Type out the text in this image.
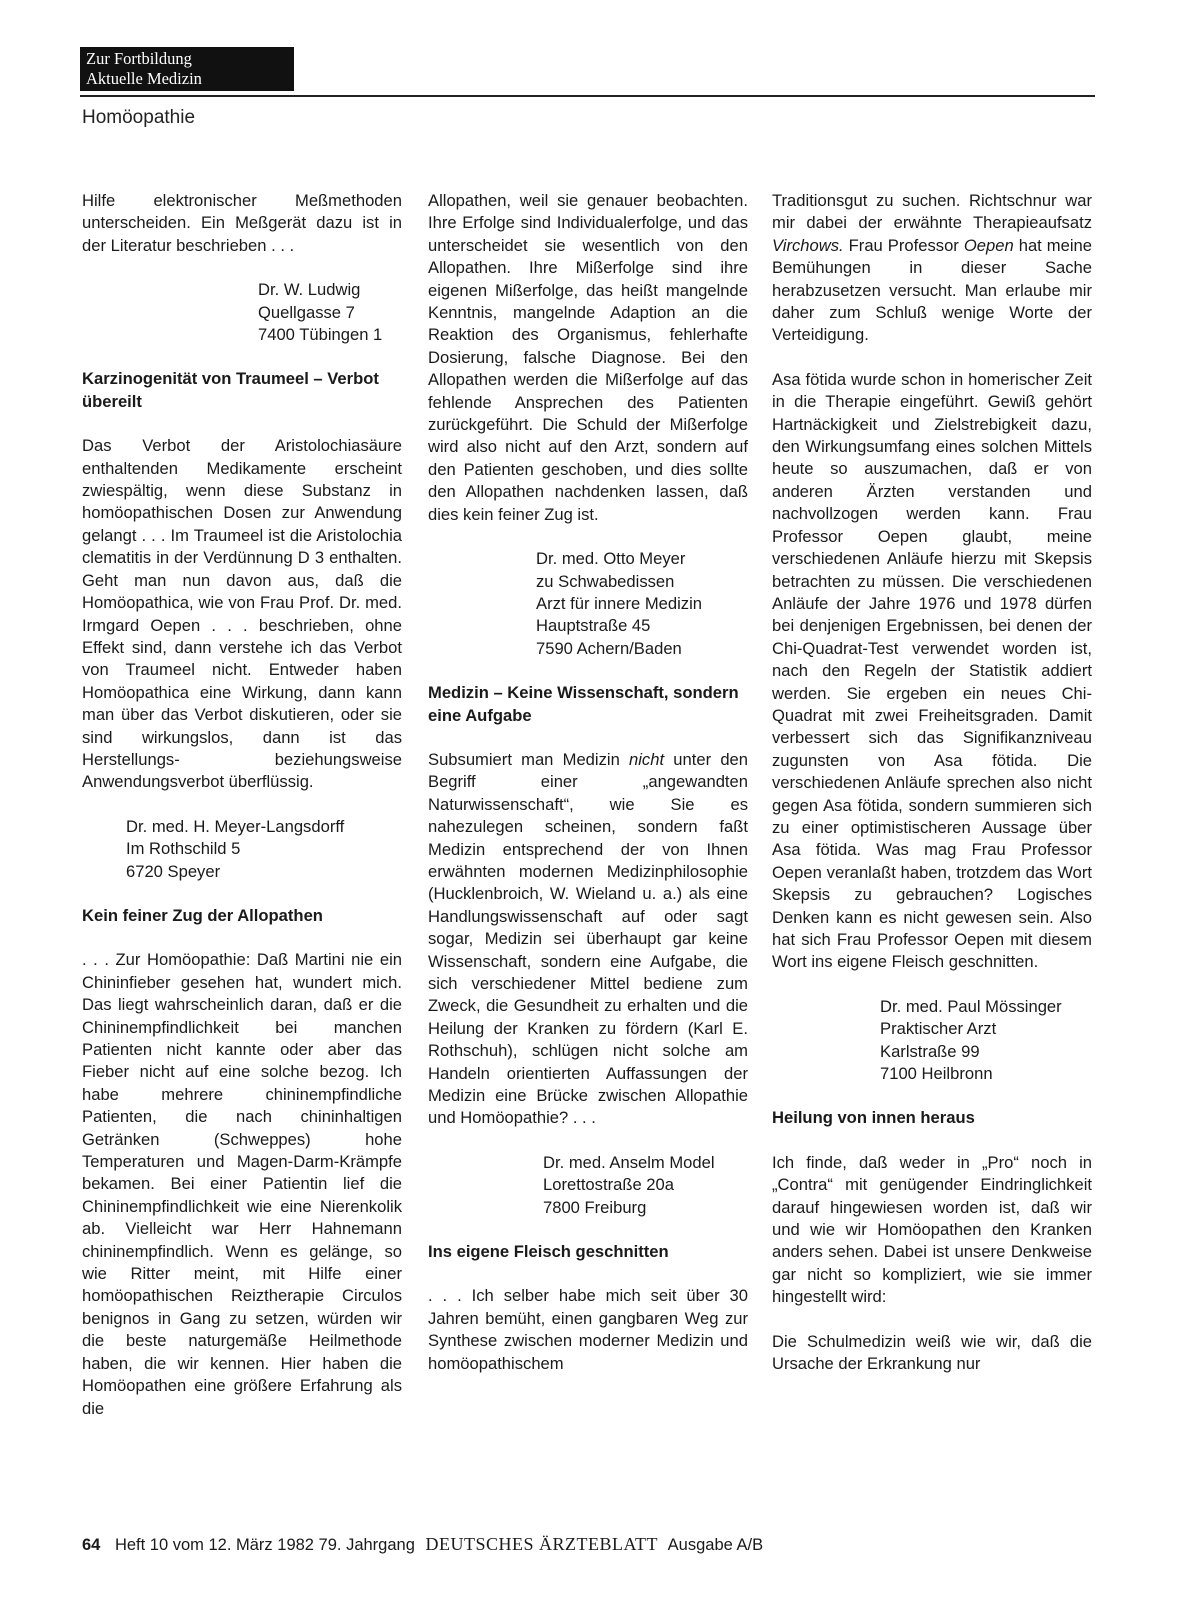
Zur Fortbildung
Aktuelle Medizin
Homöopathie

Hilfe elektronischer Meßmethoden unterscheiden. Ein Meßgerät dazu ist in der Literatur beschrieben . . .

Dr. W. Ludwig
Quellgasse 7
7400 Tübingen 1
Karzinogenität von Traumeel – Verbot übereilt

Das Verbot der Aristolochiasäure enthaltenden Medikamente erscheint zwiespältig, wenn diese Substanz in homöopathischen Dosen zur Anwendung gelangt . . . Im Traumeel ist die Aristolochia clematitis in der Verdünnung D 3 enthalten. Geht man nun davon aus, daß die Homöopathica, wie von Frau Prof. Dr. med. Irmgard Oepen . . . beschrieben, ohne Effekt sind, dann verstehe ich das Verbot von Traumeel nicht. Entweder haben Homöopathica eine Wirkung, dann kann man über das Verbot diskutieren, oder sie sind wirkungslos, dann ist das Herstellungs- beziehungsweise Anwendungsverbot überflüssig.

Dr. med. H. Meyer-Langsdorff
Im Rothschild 5
6720 Speyer
Kein feiner Zug der Allopathen

. . . Zur Homöopathie: Daß Martini nie ein Chininfieber gesehen hat, wundert mich. Das liegt wahrscheinlich daran, daß er die Chininempfindlichkeit bei manchen Patienten nicht kannte oder aber das Fieber nicht auf eine solche bezog. Ich habe mehrere chininempfindliche Patienten, die nach chininhaltigen Getränken (Schweppes) hohe Temperaturen und Magen-Darm-Krämpfe bekamen. Bei einer Patientin lief die Chininempfindlichkeit wie eine Nierenkolik ab. Vielleicht war Herr Hahnemann chininempfindlich. Wenn es gelänge, so wie Ritter meint, mit Hilfe einer homöopathischen Reiztherapie Circulos benignos in Gang zu setzen, würden wir die beste naturgemäße Heilmethode haben, die wir kennen. Hier haben die Homöopathen eine größere Erfahrung als die

Allopathen, weil sie genauer beobachten. Ihre Erfolge sind Individualerfolge, und das unterscheidet sie wesentlich von den Allopathen. Ihre Mißerfolge sind ihre eigenen Mißerfolge, das heißt mangelnde Kenntnis, mangelnde Adaption an die Reaktion des Organismus, fehlerhafte Dosierung, falsche Diagnose. Bei den Allopathen werden die Mißerfolge auf das fehlende Ansprechen des Patienten zurückgeführt. Die Schuld der Mißerfolge wird also nicht auf den Arzt, sondern auf den Patienten geschoben, und dies sollte den Allopathen nachdenken lassen, daß dies kein feiner Zug ist.

Dr. med. Otto Meyer
zu Schwabedissen
Arzt für innere Medizin
Hauptstraße 45
7590 Achern/Baden
Medizin – Keine Wissenschaft, sondern eine Aufgabe

Subsumiert man Medizin nicht unter den Begriff einer „angewandten Naturwissenschaft“, wie Sie es nahezulegen scheinen, sondern faßt Medizin entsprechend der von Ihnen erwähnten modernen Medizinphilosophie (Hucklenbroich, W. Wieland u. a.) als eine Handlungswissenschaft auf oder sagt sogar, Medizin sei überhaupt gar keine Wissenschaft, sondern eine Aufgabe, die sich verschiedener Mittel bediene zum Zweck, die Gesundheit zu erhalten und die Heilung der Kranken zu fördern (Karl E. Rothschuh), schlügen nicht solche am Handeln orientierten Auffassungen der Medizin eine Brücke zwischen Allopathie und Homöopathie? . . .

Dr. med. Anselm Model
Lorettostraße 20a
7800 Freiburg
Ins eigene Fleisch geschnitten

. . . Ich selber habe mich seit über 30 Jahren bemüht, einen gangbaren Weg zur Synthese zwischen moderner Medizin und homöopathischem

Traditionsgut zu suchen. Richtschnur war mir dabei der erwähnte Therapieaufsatz Virchows. Frau Professor Oepen hat meine Bemühungen in dieser Sache herabzusetzen versucht. Man erlaube mir daher zum Schluß wenige Worte der Verteidigung.

Asa fötida wurde schon in homerischer Zeit in die Therapie eingeführt. Gewiß gehört Hartnäckigkeit und Zielstrebigkeit dazu, den Wirkungsumfang eines solchen Mittels heute so auszumachen, daß er von anderen Ärzten verstanden und nachvollzogen werden kann. Frau Professor Oepen glaubt, meine verschiedenen Anläufe hierzu mit Skepsis betrachten zu müssen. Die verschiedenen Anläufe der Jahre 1976 und 1978 dürfen bei denjenigen Ergebnissen, bei denen der Chi-Quadrat-Test verwendet worden ist, nach den Regeln der Statistik addiert werden. Sie ergeben ein neues Chi-Quadrat mit zwei Freiheitsgraden. Damit verbessert sich das Signifikanzniveau zugunsten von Asa fötida. Die verschiedenen Anläufe sprechen also nicht gegen Asa fötida, sondern summieren sich zu einer optimistischeren Aussage über Asa fötida. Was mag Frau Professor Oepen veranlaßt haben, trotzdem das Wort Skepsis zu gebrauchen? Logisches Denken kann es nicht gewesen sein. Also hat sich Frau Professor Oepen mit diesem Wort ins eigene Fleisch geschnitten.

Dr. med. Paul Mössinger
Praktischer Arzt
Karlstraße 99
7100 Heilbronn
Heilung von innen heraus

Ich finde, daß weder in „Pro“ noch in „Contra“ mit genügender Eindringlichkeit darauf hingewiesen worden ist, daß wir und wie wir Homöopathen den Kranken anders sehen. Dabei ist unsere Denkweise gar nicht so kompliziert, wie sie immer hingestellt wird:

Die Schulmedizin weiß wie wir, daß die Ursache der Erkrankung nur

64 Heft 10 vom 12. März 1982 79. Jahrgang DEUTSCHES ÄRZTEBLATT Ausgabe A/B
